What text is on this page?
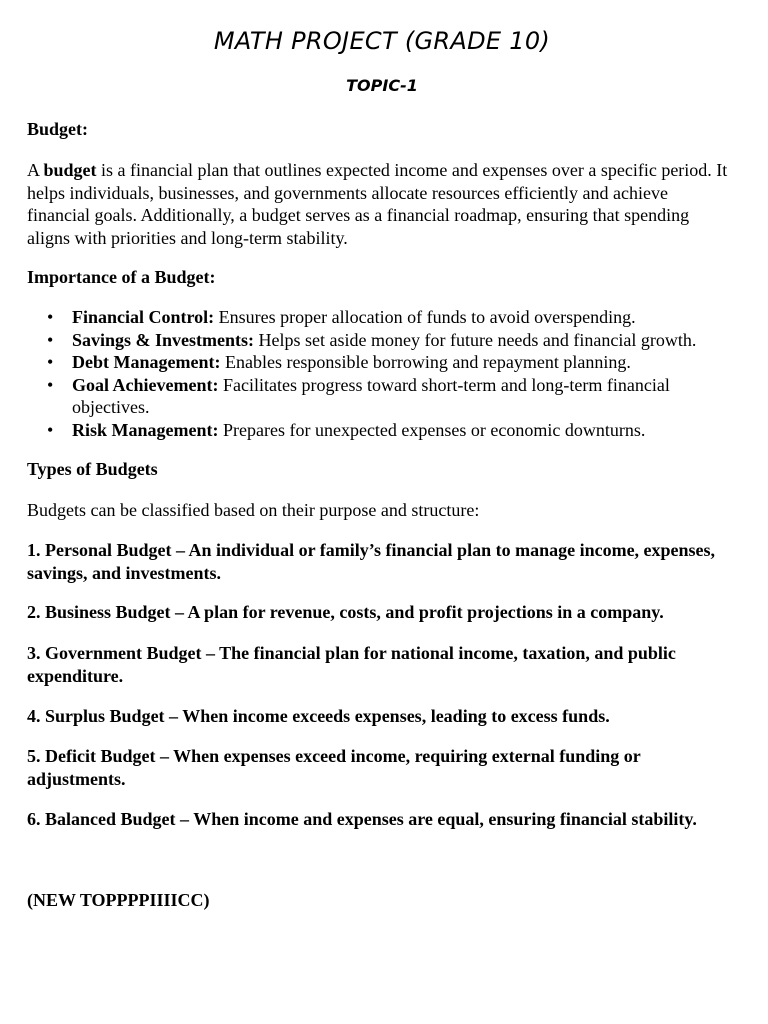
MATH PROJECT (GRADE 10)
TOPIC-1
Budget:
A budget is a financial plan that outlines expected income and expenses over a specific period. It helps individuals, businesses, and governments allocate resources efficiently and achieve financial goals. Additionally, a budget serves as a financial roadmap, ensuring that spending aligns with priorities and long-term stability.
Importance of a Budget:
• Financial Control: Ensures proper allocation of funds to avoid overspending.
• Savings & Investments: Helps set aside money for future needs and financial growth.
• Debt Management: Enables responsible borrowing and repayment planning.
• Goal Achievement: Facilitates progress toward short-term and long-term financial objectives.
• Risk Management: Prepares for unexpected expenses or economic downturns.
Types of Budgets
Budgets can be classified based on their purpose and structure:
1. Personal Budget – An individual or family’s financial plan to manage income, expenses, savings, and investments.
2. Business Budget – A plan for revenue, costs, and profit projections in a company.
3. Government Budget – The financial plan for national income, taxation, and public expenditure.
4. Surplus Budget – When income exceeds expenses, leading to excess funds.
5. Deficit Budget – When expenses exceed income, requiring external funding or adjustments.
6. Balanced Budget – When income and expenses are equal, ensuring financial stability.
(NEW TOPPPPIIIICC)
